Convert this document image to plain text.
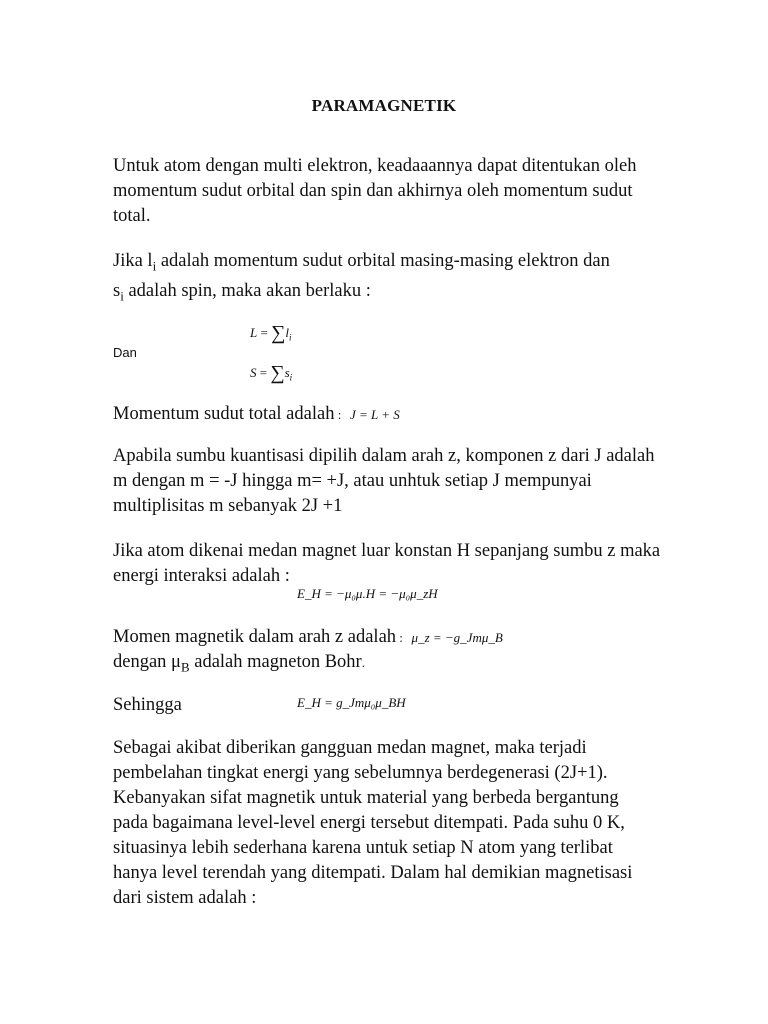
PARAMAGNETIK
Untuk atom dengan multi elektron, keadaaannya dapat ditentukan oleh momentum sudut orbital dan spin dan akhirnya oleh momentum sudut total.
Jika $l_i$ adalah momentum sudut orbital masing-masing elektron dan
$s_i$ adalah spin, maka akan berlaku :
$L = \sum l_i$
Dan
$S = \sum s_i$
Momentum sudut total adalah : J = L + S
Apabila sumbu kuantisasi dipilih dalam arah z, komponen z dari J adalah m dengan m = -J hingga m= +J, atau unhtuk setiap J mempunyai multiplisitas m sebanyak 2J +1
Jika atom dikenai medan magnet luar konstan H sepanjang sumbu z maka energi interaksi adalah :
E_H = −μ₀μ.H = −μ₀μ_zH
Momen magnetik dalam arah z adalah : μ_z = −g_Jmμ_B
dengan $\mu_B$ adalah magneton Bohr.
Sehingga	E_H = g_Jmμ₀μ_BH
Sebagai akibat diberikan gangguan medan magnet, maka terjadi pembelahan tingkat energi yang sebelumnya berdegenerasi (2J+1). Kebanyakan sifat magnetik untuk material yang berbeda bergantung pada bagaimana level-level energi tersebut ditempati. Pada suhu 0 K, situasinya lebih sederhana karena untuk setiap N atom yang terlibat hanya level terendah yang ditempati. Dalam hal demikian magnetisasi dari sistem adalah :
